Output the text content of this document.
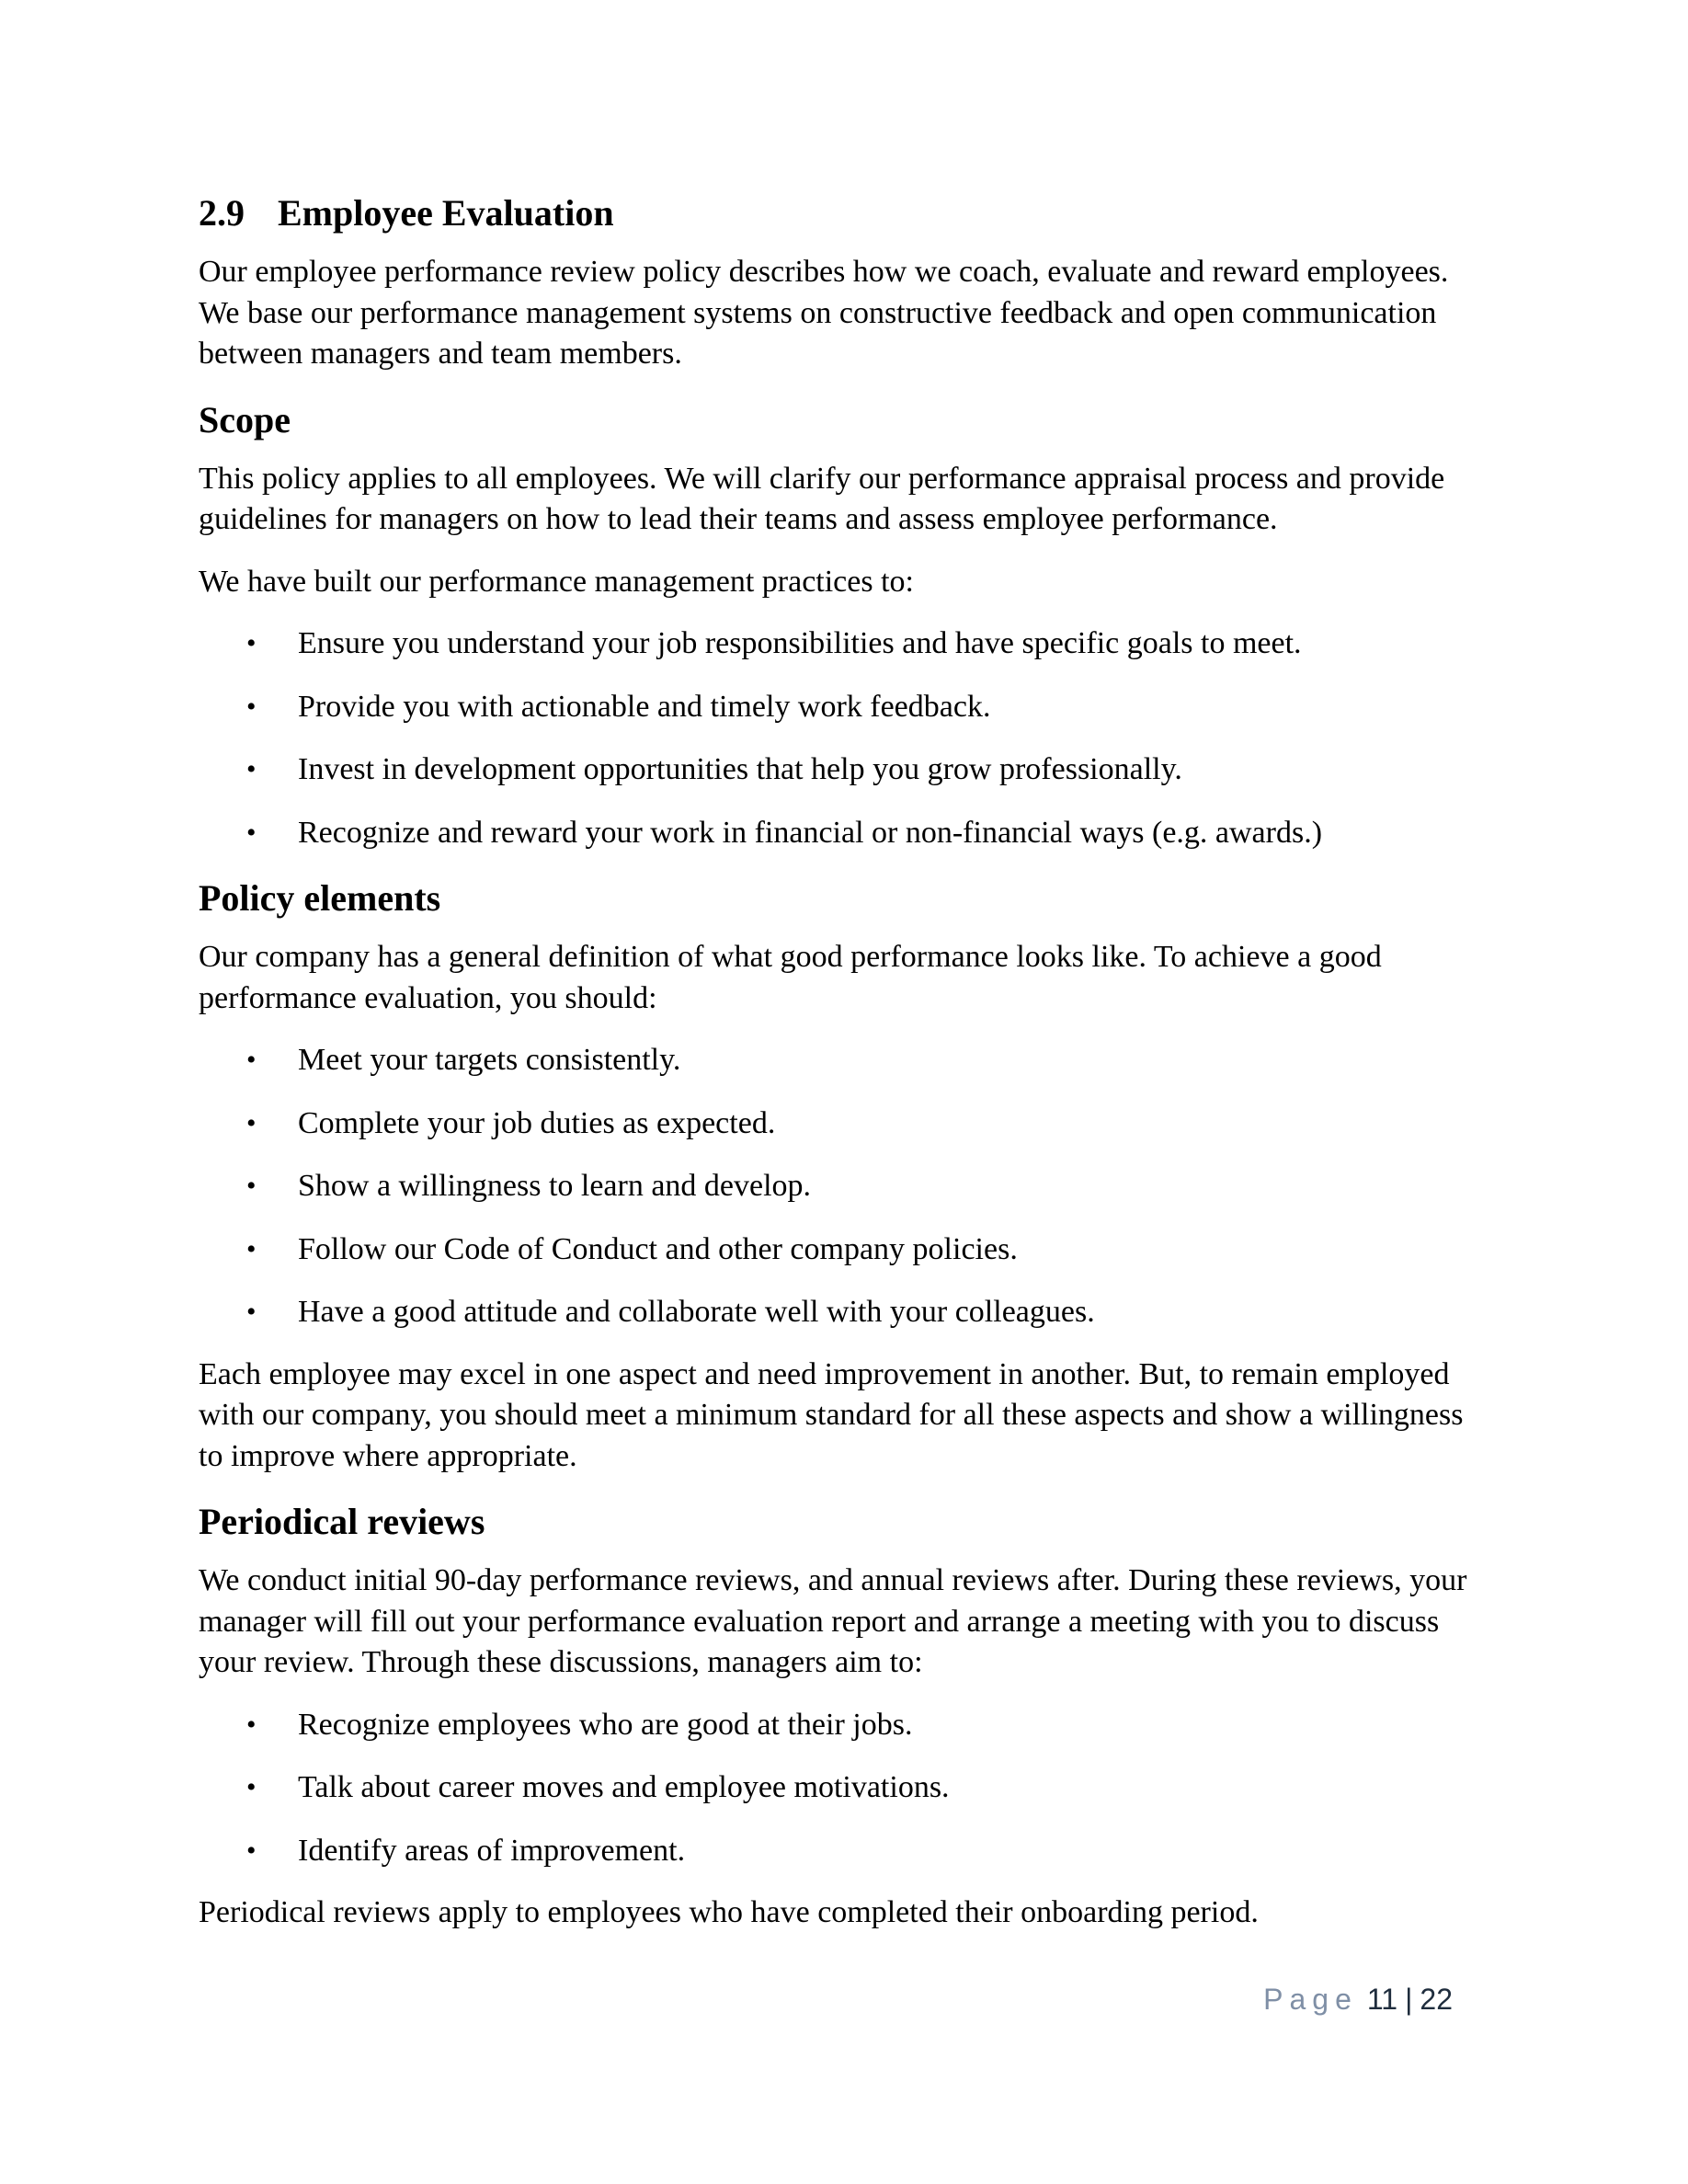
2.9 Employee Evaluation

Our employee performance review policy describes how we coach, evaluate and reward employees. We base our performance management systems on constructive feedback and open communication between managers and team members.

Scope

This policy applies to all employees. We will clarify our performance appraisal process and provide guidelines for managers on how to lead their teams and assess employee performance.

We have built our performance management practices to:

• Ensure you understand your job responsibilities and have specific goals to meet.
• Provide you with actionable and timely work feedback.
• Invest in development opportunities that help you grow professionally.
• Recognize and reward your work in financial or non-financial ways (e.g. awards.)
Policy elements

Our company has a general definition of what good performance looks like. To achieve a good performance evaluation, you should:

• Meet your targets consistently.
• Complete your job duties as expected.
• Show a willingness to learn and develop.
• Follow our Code of Conduct and other company policies.
• Have a good attitude and collaborate well with your colleagues.

Each employee may excel in one aspect and need improvement in another. But, to remain employed with our company, you should meet a minimum standard for all these aspects and show a willingness to improve where appropriate.

Periodical reviews

We conduct initial 90-day performance reviews, and annual reviews after. During these reviews, your manager will fill out your performance evaluation report and arrange a meeting with you to discuss your review. Through these discussions, managers aim to:

• Recognize employees who are good at their jobs.
• Talk about career moves and employee motivations.
• Identify areas of improvement.

Periodical reviews apply to employees who have completed their onboarding period.

Page 11 | 22
